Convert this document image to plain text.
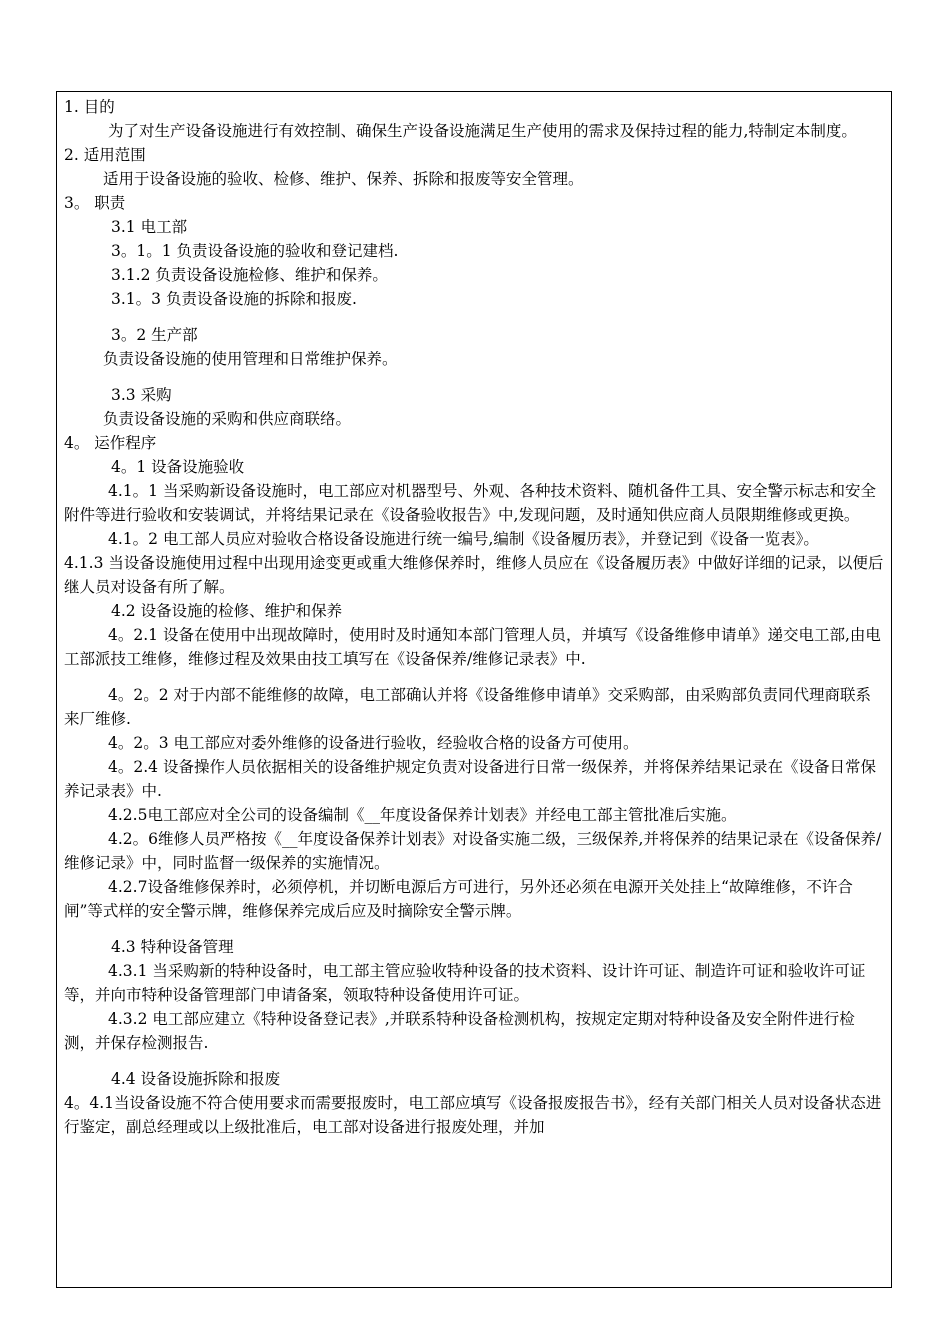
1. 目的

为了对生产设备设施进行有效控制、确保生产设备设施满足生产使用的需求及保持过程的能力,特制定本制度。

2. 适用范围

适用于设备设施的验收、检修、维护、保养、拆除和报废等安全管理。

3。 职责

3.1 电工部

3。1。1 负责设备设施的验收和登记建档.

3.1.2 负责设备设施检修、维护和保养。

3.1。3 负责设备设施的拆除和报废.

3。2 生产部

负责设备设施的使用管理和日常维护保养。

3.3 采购

负责设备设施的采购和供应商联络。

4。 运作程序

4。1 设备设施验收

4.1。1 当采购新设备设施时，电工部应对机器型号、外观、各种技术资料、随机备件工具、安全警示标志和安全附件等进行验收和安装调试，并将结果记录在《设备验收报告》中,发现问题，及时通知供应商人员限期维修或更换。

4.1。2 电工部人员应对验收合格设备设施进行统一编号,编制《设备履历表》，并登记到《设备一览表》。

4.1.3 当设备设施使用过程中出现用途变更或重大维修保养时，维修人员应在《设备履历表》中做好详细的记录，以便后继人员对设备有所了解。

4.2 设备设施的检修、维护和保养

4。2.1 设备在使用中出现故障时，使用时及时通知本部门管理人员，并填写《设备维修申请单》递交电工部,由电工部派技工维修，维修过程及效果由技工填写在《设备保养/维修记录表》中.

4。2。2 对于内部不能维修的故障，电工部确认并将《设备维修申请单》交采购部，由采购部负责同代理商联系来厂维修.

4。2。3 电工部应对委外维修的设备进行验收，经验收合格的设备方可使用。

4。2.4 设备操作人员依据相关的设备维护规定负责对设备进行日常一级保养，并将保养结果记录在《设备日常保养记录表》中.

4.2.5电工部应对全公司的设备编制《__年度设备保养计划表》并经电工部主管批准后实施。

4.2。6维修人员严格按《__年度设备保养计划表》对设备实施二级，三级保养,并将保养的结果记录在《设备保养/维修记录》中，同时监督一级保养的实施情况。

4.2.7设备维修保养时，必须停机，并切断电源后方可进行，另外还必须在电源开关处挂上“故障维修，不许合闸”等式样的安全警示牌，维修保养完成后应及时摘除安全警示牌。

4.3 特种设备管理

4.3.1 当采购新的特种设备时，电工部主管应验收特种设备的技术资料、设计许可证、制造许可证和验收许可证等，并向市特种设备管理部门申请备案，领取特种设备使用许可证。

4.3.2 电工部应建立《特种设备登记表》,并联系特种设备检测机构，按规定定期对特种设备及安全附件进行检测，并保存检测报告.

4.4 设备设施拆除和报废

4。4.1当设备设施不符合使用要求而需要报废时，电工部应填写《设备报废报告书》，经有关部门相关人员对设备状态进行鉴定，副总经理或以上级批准后，电工部对设备进行报废处理，并加
